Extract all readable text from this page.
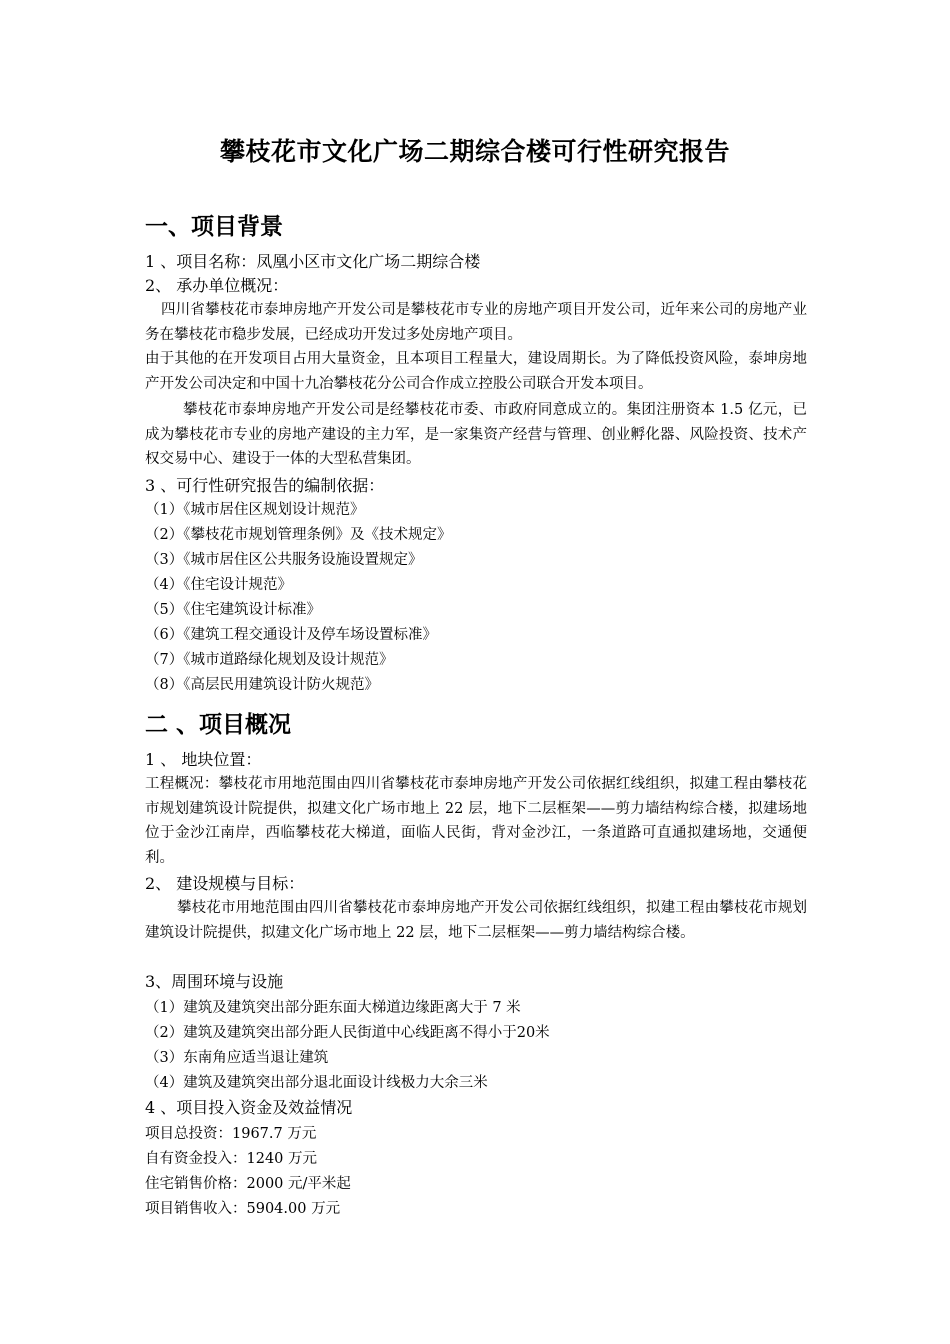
攀枝花市文化广场二期综合楼可行性研究报告
一、项目背景
1 、项目名称：凤凰小区市文化广场二期综合楼
2、 承办单位概况：

四川省攀枝花市泰坤房地产开发公司是攀枝花市专业的房地产项目开发公司，近年来公司的房地产业务在攀枝花市稳步发展，已经成功开发过多处房地产项目。

由于其他的在开发项目占用大量资金，且本项目工程量大，建设周期长。为了降低投资风险，泰坤房地产开发公司决定和中国十九冶攀枝花分公司合作成立控股公司联合开发本项目。

攀枝花市泰坤房地产开发公司是经攀枝花市委、市政府同意成立的。集团注册资本 1.5 亿元，已成为攀枝花市专业的房地产建设的主力军，是一家集资产经营与管理、创业孵化器、风险投资、技术产权交易中心、建设于一体的大型私营集团。

3 、可行性研究报告的编制依据：
（1）《城市居住区规划设计规范》
（2）《攀枝花市规划管理条例》及《技术规定》
（3）《城市居住区公共服务设施设置规定》
（4）《住宅设计规范》
（5）《住宅建筑设计标准》
（6）《建筑工程交通设计及停车场设置标准》
（7）《城市道路绿化规划及设计规范》
（8）《高层民用建筑设计防火规范》
二 、项目概况
1 、 地块位置：

工程概况：攀枝花市用地范围由四川省攀枝花市泰坤房地产开发公司依据红线组织，拟建工程由攀枝花市规划建筑设计院提供，拟建文化广场市地上 22 层，地下二层框架——剪力墙结构综合楼，拟建场地位于金沙江南岸，西临攀枝花大梯道，面临人民街，背对金沙江，一条道路可直通拟建场地，交通便利。

2、 建设规模与目标：

攀枝花市用地范围由四川省攀枝花市泰坤房地产开发公司依据红线组织，拟建工程由攀枝花市规划建筑设计院提供，拟建文化广场市地上 22 层，地下二层框架——剪力墙结构综合楼。

3、周围环境与设施
（1）建筑及建筑突出部分距东面大梯道边缘距离大于 7 米
（2）建筑及建筑突出部分距人民街道中心线距离不得小于20米
（3）东南角应适当退让建筑
（4）建筑及建筑突出部分退北面设计线极力大余三米
4 、项目投入资金及效益情况
项目总投资：1967.7 万元
自有资金投入：1240 万元
住宅销售价格：2000 元/平米起
项目销售收入：5904.00 万元
